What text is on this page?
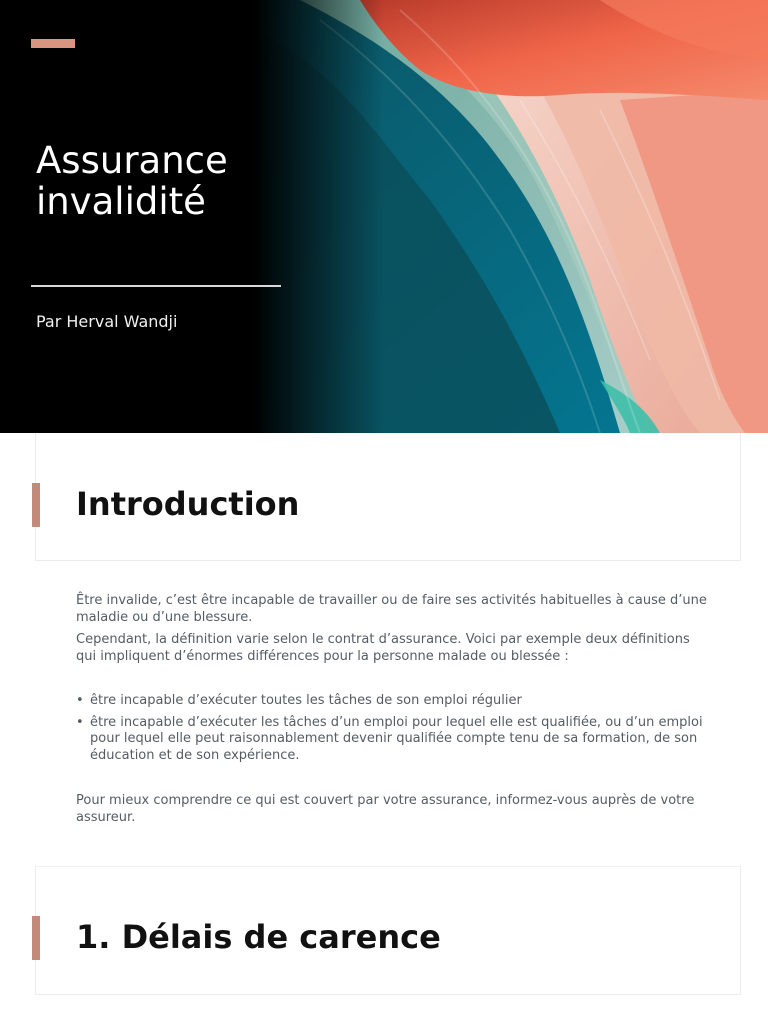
Assurance invalidité
Par Herval Wandji
Introduction

Être invalide, c’est être incapable de travailler ou de faire ses activités habituelles à cause d’une maladie ou d’une blessure.

Cependant, la définition varie selon le contrat d’assurance. Voici par exemple deux définitions qui impliquent d’énormes différences pour la personne malade ou blessée :

• être incapable d’exécuter toutes les tâches de son emploi régulier
• être incapable d’exécuter les tâches d’un emploi pour lequel elle est qualifiée, ou d’un emploi pour lequel elle peut raisonnablement devenir qualifiée compte tenu de sa formation, de son éducation et de son expérience.

Pour mieux comprendre ce qui est couvert par votre assurance, informez-vous auprès de votre assureur.

1. Délais de carence
